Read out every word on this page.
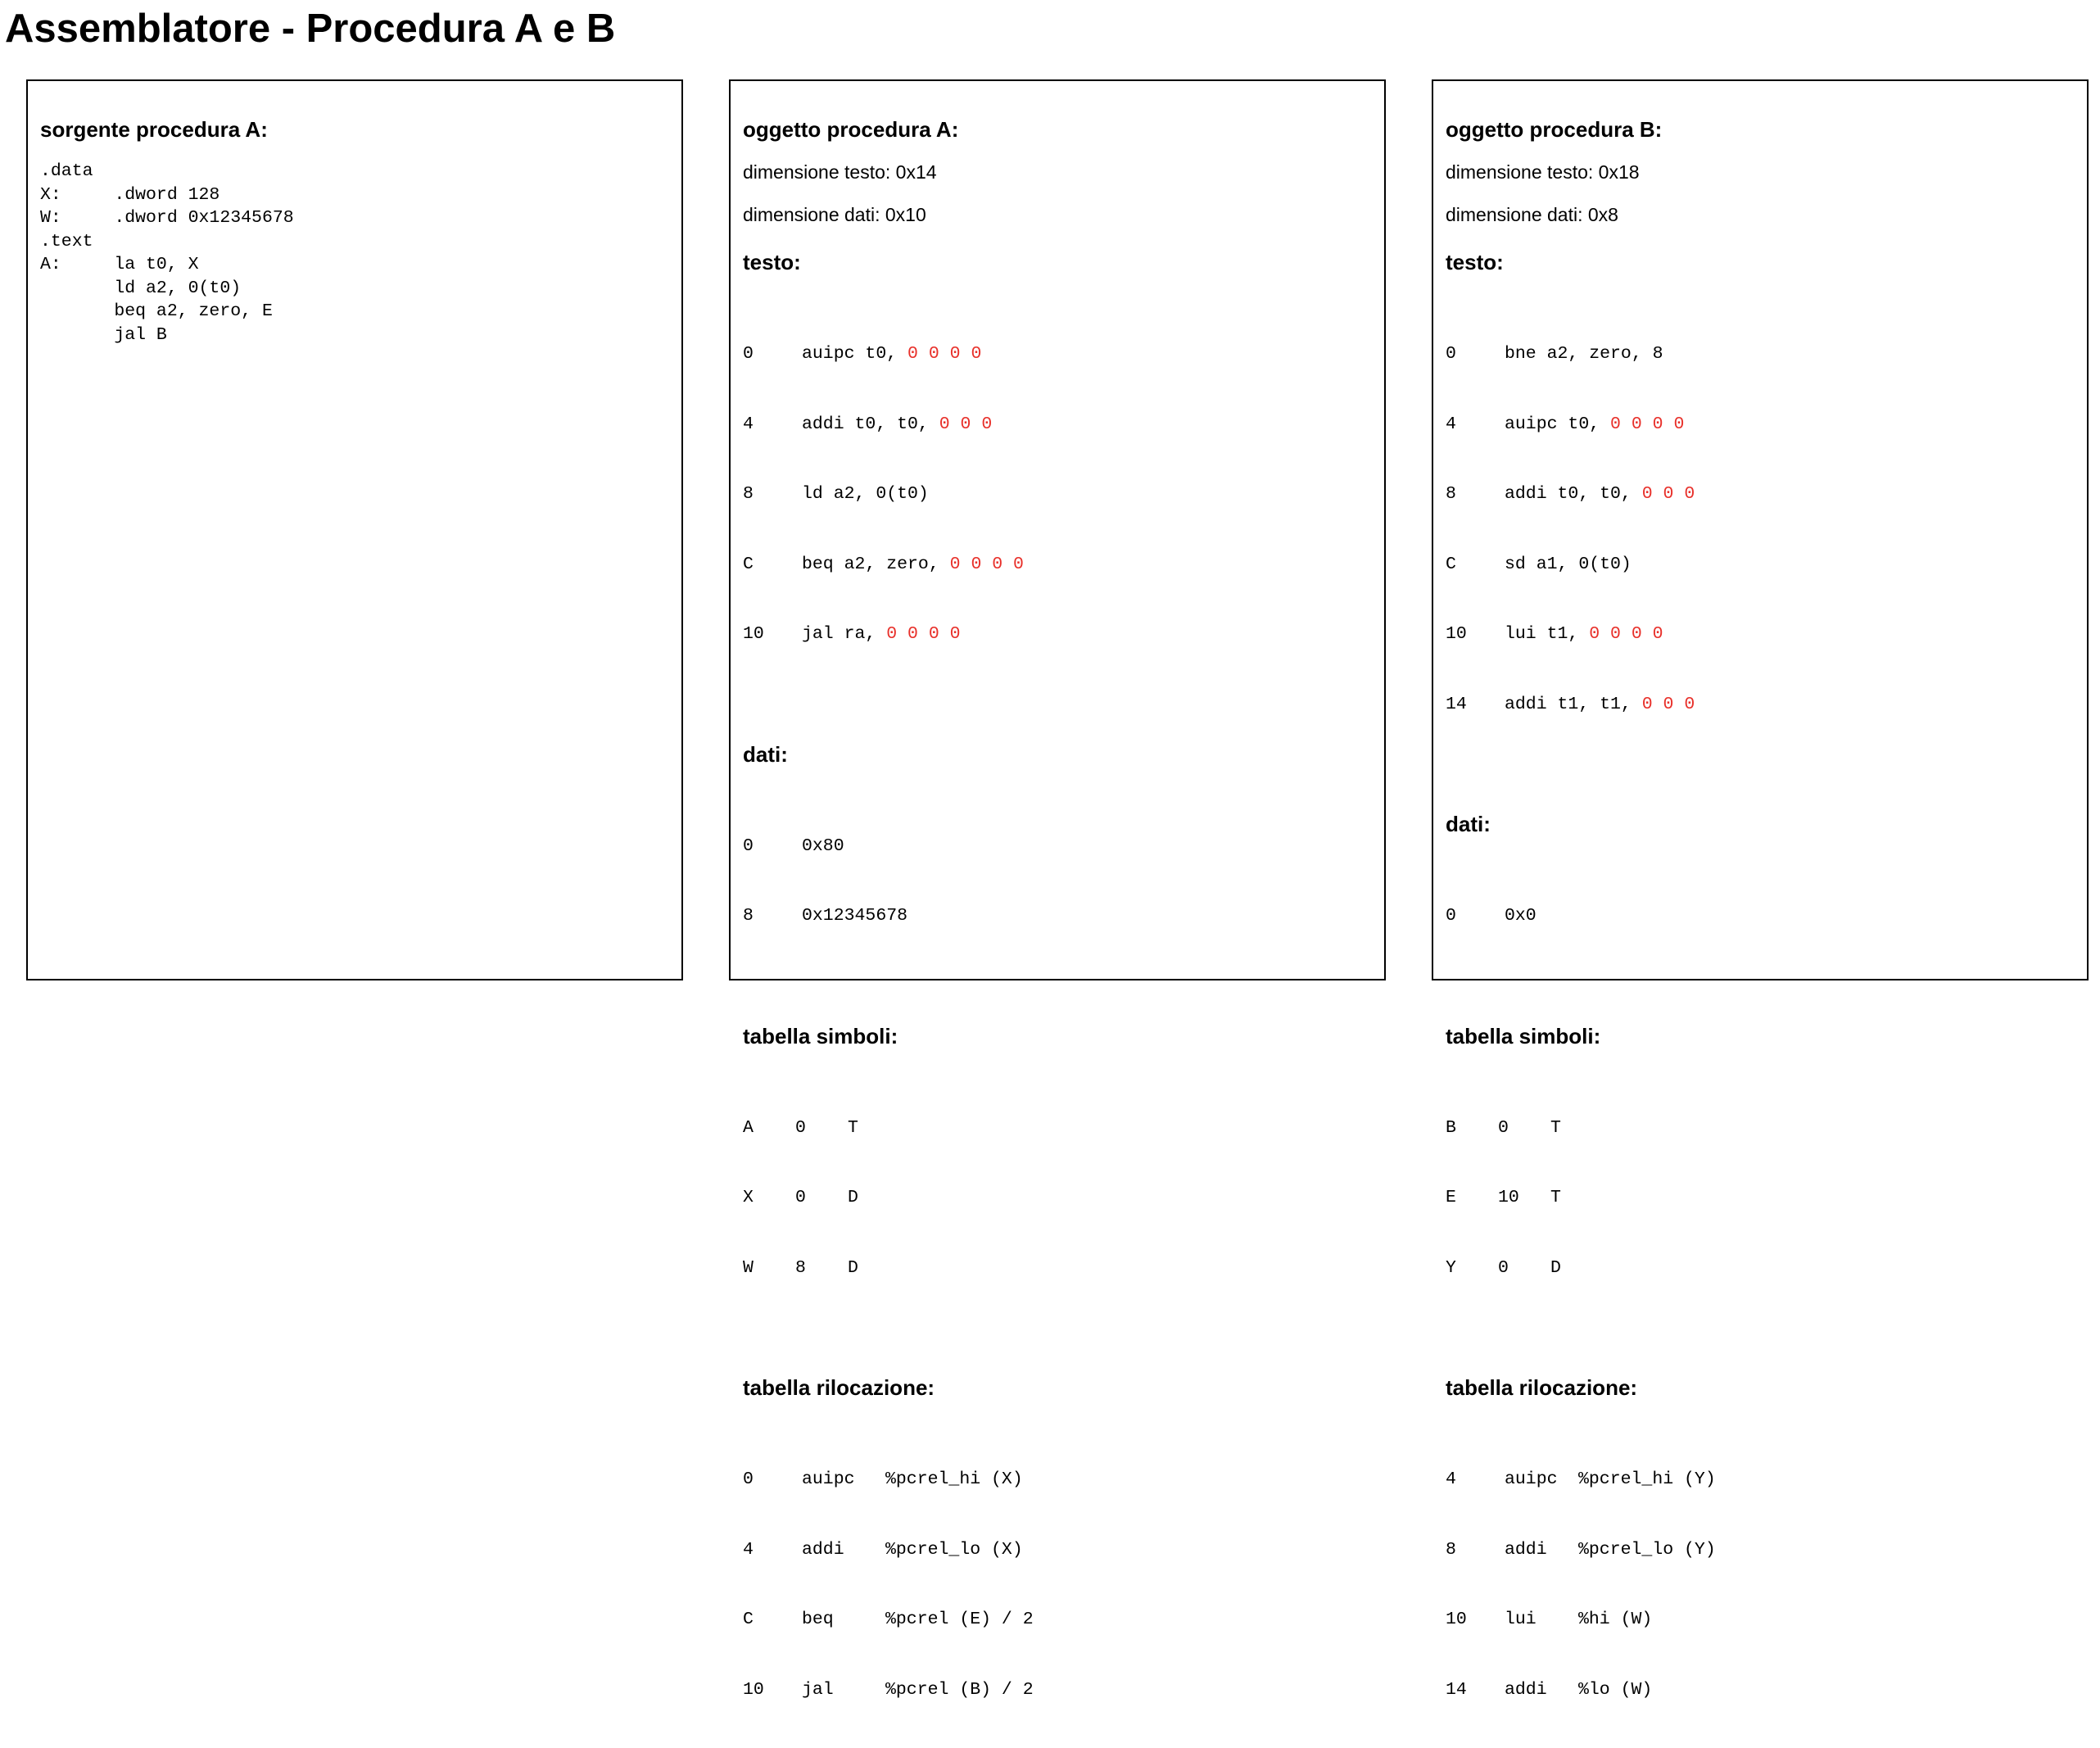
Assemblatore - Procedura A e B
sorgente procedura A:
.data
X:     .dword 128
W:     .dword 0x12345678
.text
A:     la t0, X
ld a2, 0(t0)
beq a2, zero, E
jal B
oggetto procedura A:
dimensione testo: 0x14
dimensione dati: 0x10
testo:

0	auipc t0, 0 0 0 0

4	addi t0, t0, 0 0 0

8	ld a2, 0(t0)

C	beq a2, zero, 0 0 0 0

10 jal ra, 0 0 0 0

dati:

0	0x80

8	0x12345678

tabella simboli:

A 0 T

X 0 D

W 8 D

tabella rilocazione:

0	auipc %pcrel_hi (X)

4	addi %pcrel_lo (X)

C	beq	%pcrel (E) / 2

10 jal	%pcrel (B) / 2

oggetto procedura B:
dimensione testo: 0x18
dimensione dati: 0x8
testo:

0	bne a2, zero, 8

4	auipc t0, 0 0 0 0

8	addi t0, t0, 0 0 0

C	sd a1, 0(t0)

10 lui t1, 0 0 0 0

14 addi t1, t1, 0 0 0

dati:

0	0x0

tabella simboli:

B 0 T

E 10 T

Y 0 D

tabella rilocazione:

4	auipc %pcrel_hi (Y)

8	addi %pcrel_lo (Y)

10 lui %hi (W)

14 addi %lo (W)
